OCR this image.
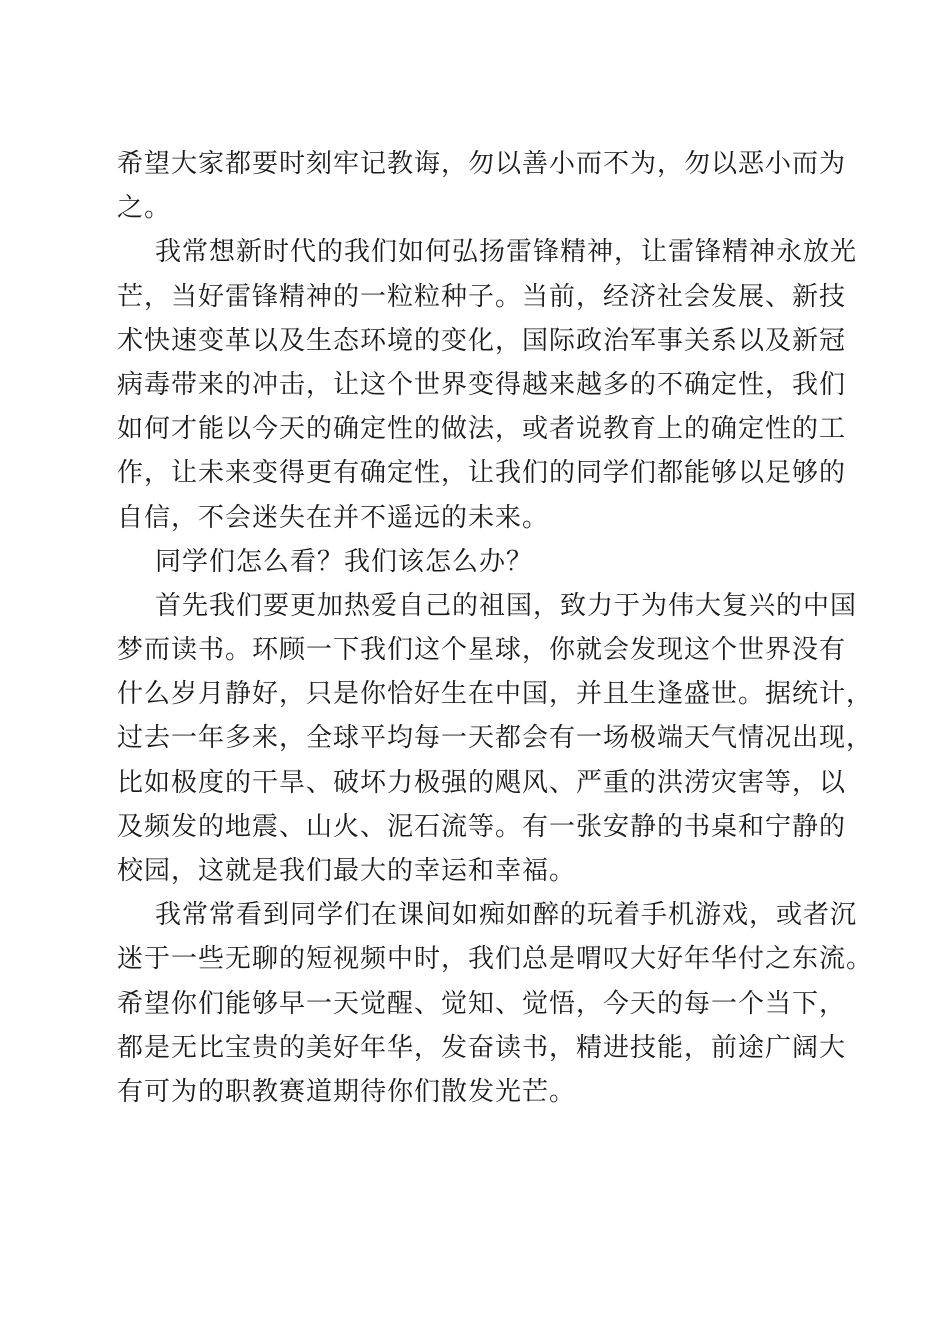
希望大家都要时刻牢记教诲，勿以善小而不为，勿以恶小而为
之。
我常想新时代的我们如何弘扬雷锋精神，让雷锋精神永放光
芒，当好雷锋精神的一粒粒种子。当前，经济社会发展、新技
术快速变革以及生态环境的变化，国际政治军事关系以及新冠
病毒带来的冲击，让这个世界变得越来越多的不确定性，我们
如何才能以今天的确定性的做法，或者说教育上的确定性的工
作，让未来变得更有确定性，让我们的同学们都能够以足够的
自信，不会迷失在并不遥远的未来。
同学们怎么看？我们该怎么办？
首先我们要更加热爱自己的祖国，致力于为伟大复兴的中国
梦而读书。环顾一下我们这个星球，你就会发现这个世界没有
什么岁月静好，只是你恰好生在中国，并且生逢盛世。据统计，
过去一年多来，全球平均每一天都会有一场极端天气情况出现，
比如极度的干旱、破坏力极强的飓风、严重的洪涝灾害等，以
及频发的地震、山火、泥石流等。有一张安静的书桌和宁静的
校园，这就是我们最大的幸运和幸福。
我常常看到同学们在课间如痴如醉的玩着手机游戏，或者沉
迷于一些无聊的短视频中时，我们总是喟叹大好年华付之东流。
希望你们能够早一天觉醒、觉知、觉悟，今天的每一个当下，
都是无比宝贵的美好年华，发奋读书，精进技能，前途广阔大
有可为的职教赛道期待你们散发光芒。
